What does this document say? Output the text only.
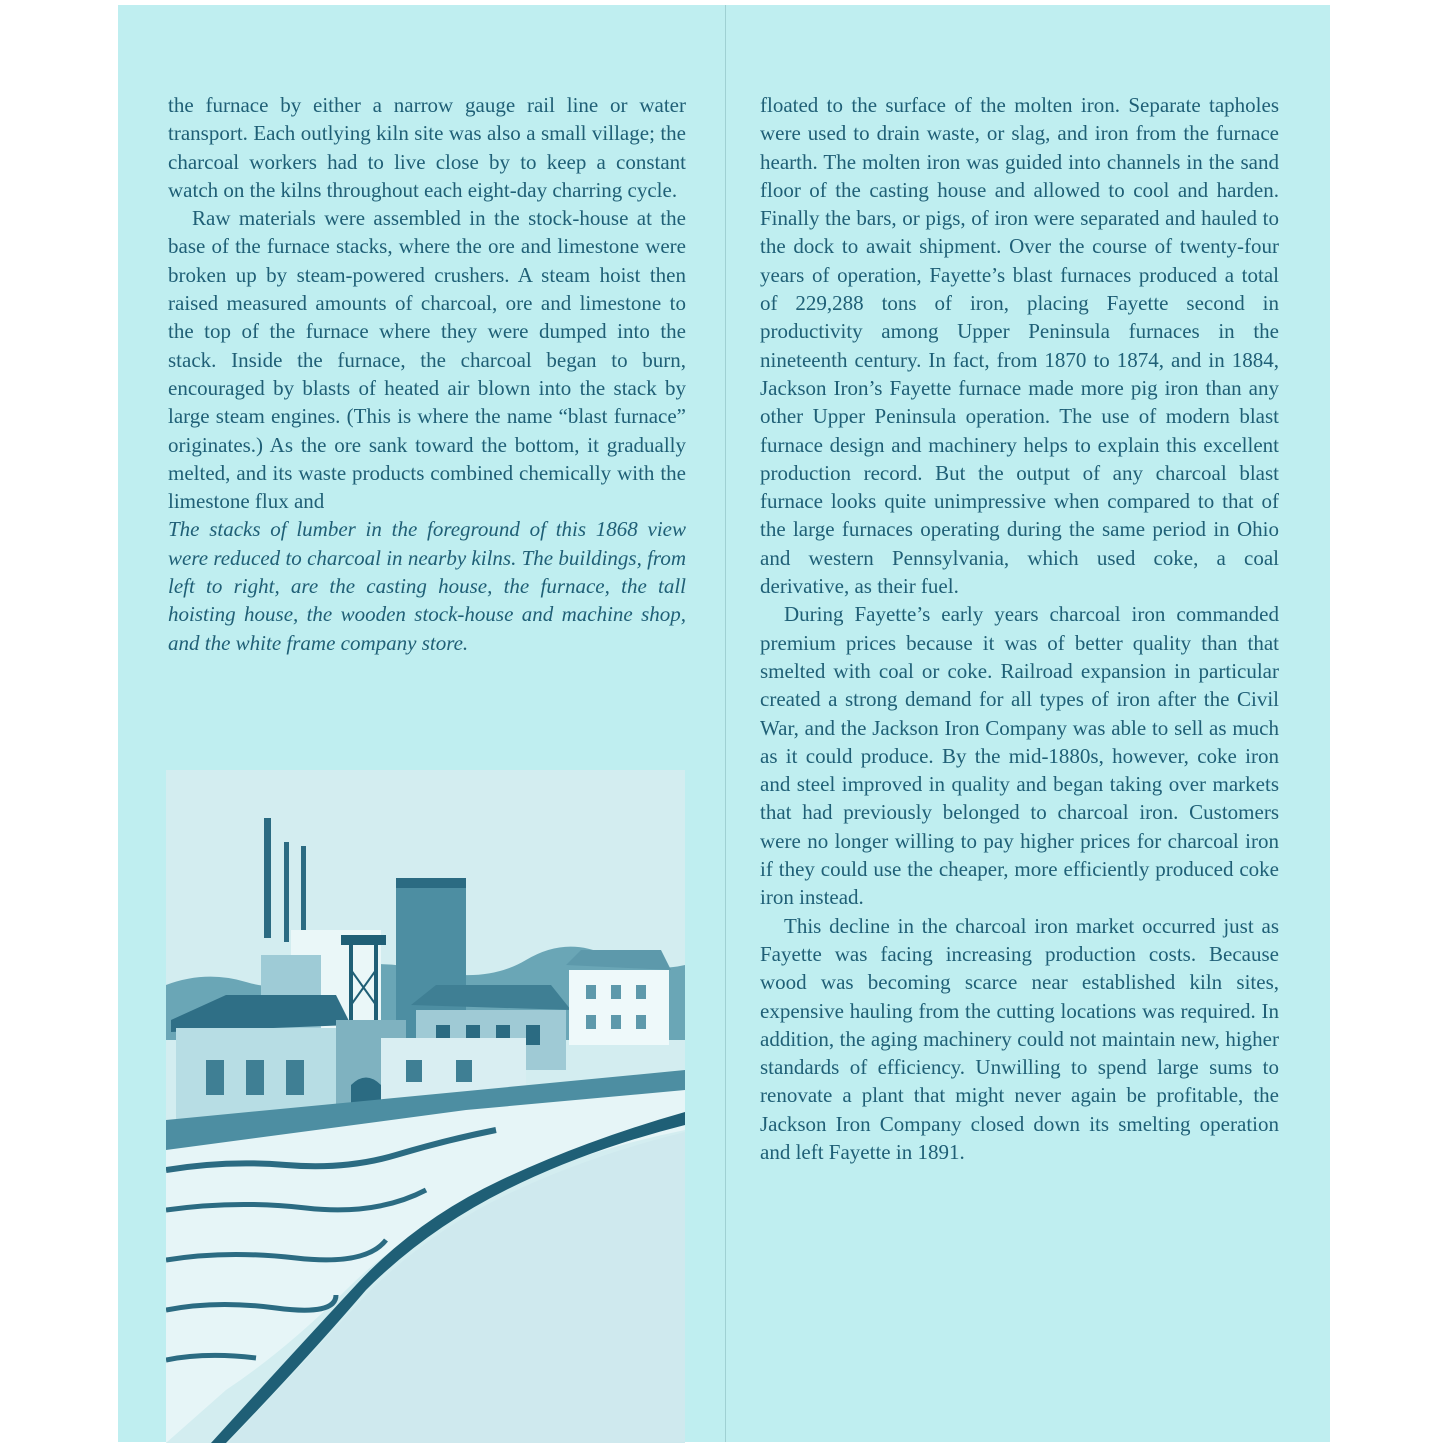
the furnace by either a narrow gauge rail line or water transport. Each outlying kiln site was also a small village; the charcoal workers had to live close by to keep a constant watch on the kilns throughout each eight-day charring cycle.

Raw materials were assembled in the stock-house at the base of the furnace stacks, where the ore and limestone were broken up by steam-powered crushers. A steam hoist then raised measured amounts of charcoal, ore and limestone to the top of the furnace where they were dumped into the stack. Inside the furnace, the charcoal began to burn, encouraged by blasts of heated air blown into the stack by large steam engines. (This is where the name “blast furnace” originates.) As the ore sank toward the bottom, it gradually melted, and its waste products combined chemically with the limestone flux and

The stacks of lumber in the foreground of this 1868 view were reduced to charcoal in nearby kilns. The buildings, from left to right, are the casting house, the furnace, the tall hoisting house, the wooden stock-house and machine shop, and the white frame company store.

floated to the surface of the molten iron. Separate tapholes were used to drain waste, or slag, and iron from the furnace hearth. The molten iron was guided into channels in the sand floor of the casting house and allowed to cool and harden. Finally the bars, or pigs, of iron were separated and hauled to the dock to await shipment. Over the course of twenty-four years of operation, Fayette’s blast furnaces produced a total of 229,288 tons of iron, placing Fayette second in productivity among Upper Peninsula furnaces in the nineteenth century. In fact, from 1870 to 1874, and in 1884, Jackson Iron’s Fayette furnace made more pig iron than any other Upper Peninsula operation. The use of modern blast furnace design and machinery helps to explain this excellent production record. But the output of any charcoal blast furnace looks quite unimpressive when compared to that of the large furnaces operating during the same period in Ohio and western Pennsylvania, which used coke, a coal derivative, as their fuel.

During Fayette’s early years charcoal iron commanded premium prices because it was of better quality than that smelted with coal or coke. Railroad expansion in particular created a strong demand for all types of iron after the Civil War, and the Jackson Iron Company was able to sell as much as it could produce. By the mid-1880s, however, coke iron and steel improved in quality and began taking over markets that had previously belonged to charcoal iron. Customers were no longer willing to pay higher prices for charcoal iron if they could use the cheaper, more efficiently produced coke iron instead.

This decline in the charcoal iron market occurred just as Fayette was facing increasing production costs. Because wood was becoming scarce near established kiln sites, expensive hauling from the cutting locations was required. In addition, the aging machinery could not maintain new, higher standards of efficiency. Unwilling to spend large sums to renovate a plant that might never again be profitable, the Jackson Iron Company closed down its smelting operation and left Fayette in 1891.
